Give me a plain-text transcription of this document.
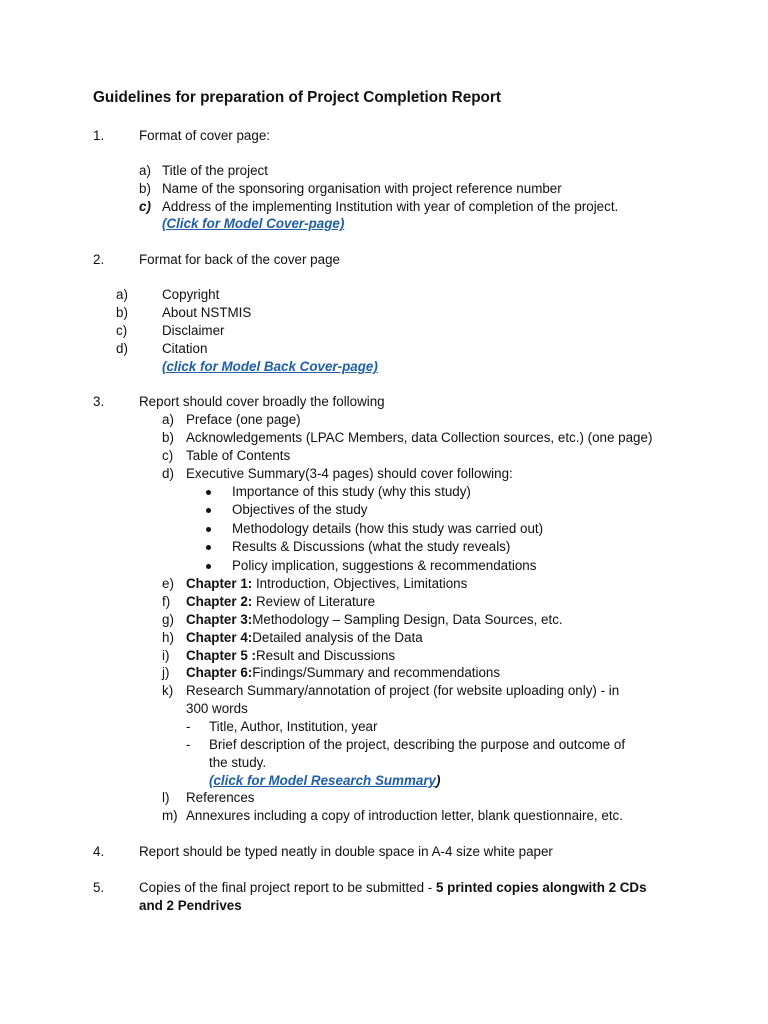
Guidelines for preparation of Project Completion Report
1.	Format of cover page:
a) Title of the project
b) Name of the sponsoring organisation with project reference number
c) Address of the implementing Institution with year of completion of the project.
(Click for Model Cover-page)
2.	Format for back of the cover page
a)	Copyright
b)	About NSTMIS
c)	Disclaimer
d)	Citation
(click for Model Back Cover-page)
3.	Report should cover broadly the following
a) Preface (one page)
b) Acknowledgements (LPAC Members, data Collection sources, etc.) (one page)
c) Table of Contents
d) Executive Summary(3-4 pages) should cover following:
Importance of this study (why this study)
Objectives of the study
Methodology details (how this study was carried out)
Results & Discussions (what the study reveals)
Policy implication, suggestions & recommendations
e) Chapter 1: Introduction, Objectives, Limitations
f) Chapter 2: Review of Literature
g) Chapter 3:Methodology – Sampling Design, Data Sources, etc.
h) Chapter 4:Detailed analysis of the Data
i) Chapter 5 :Result and Discussions
j) Chapter 6:Findings/Summary and recommendations
k) Research Summary/annotation of project (for website uploading only) - in
300 words
- Title, Author, Institution, year
- Brief description of the project, describing the purpose and outcome of
the study.
(click for Model Research Summary)
l) References
m) Annexures including a copy of introduction letter, blank questionnaire, etc.
4.	Report should be typed neatly in double space in A-4 size white paper
5.	Copies of the final project report to be submitted - 5 printed copies alongwith 2 CDs
and 2 Pendrives
